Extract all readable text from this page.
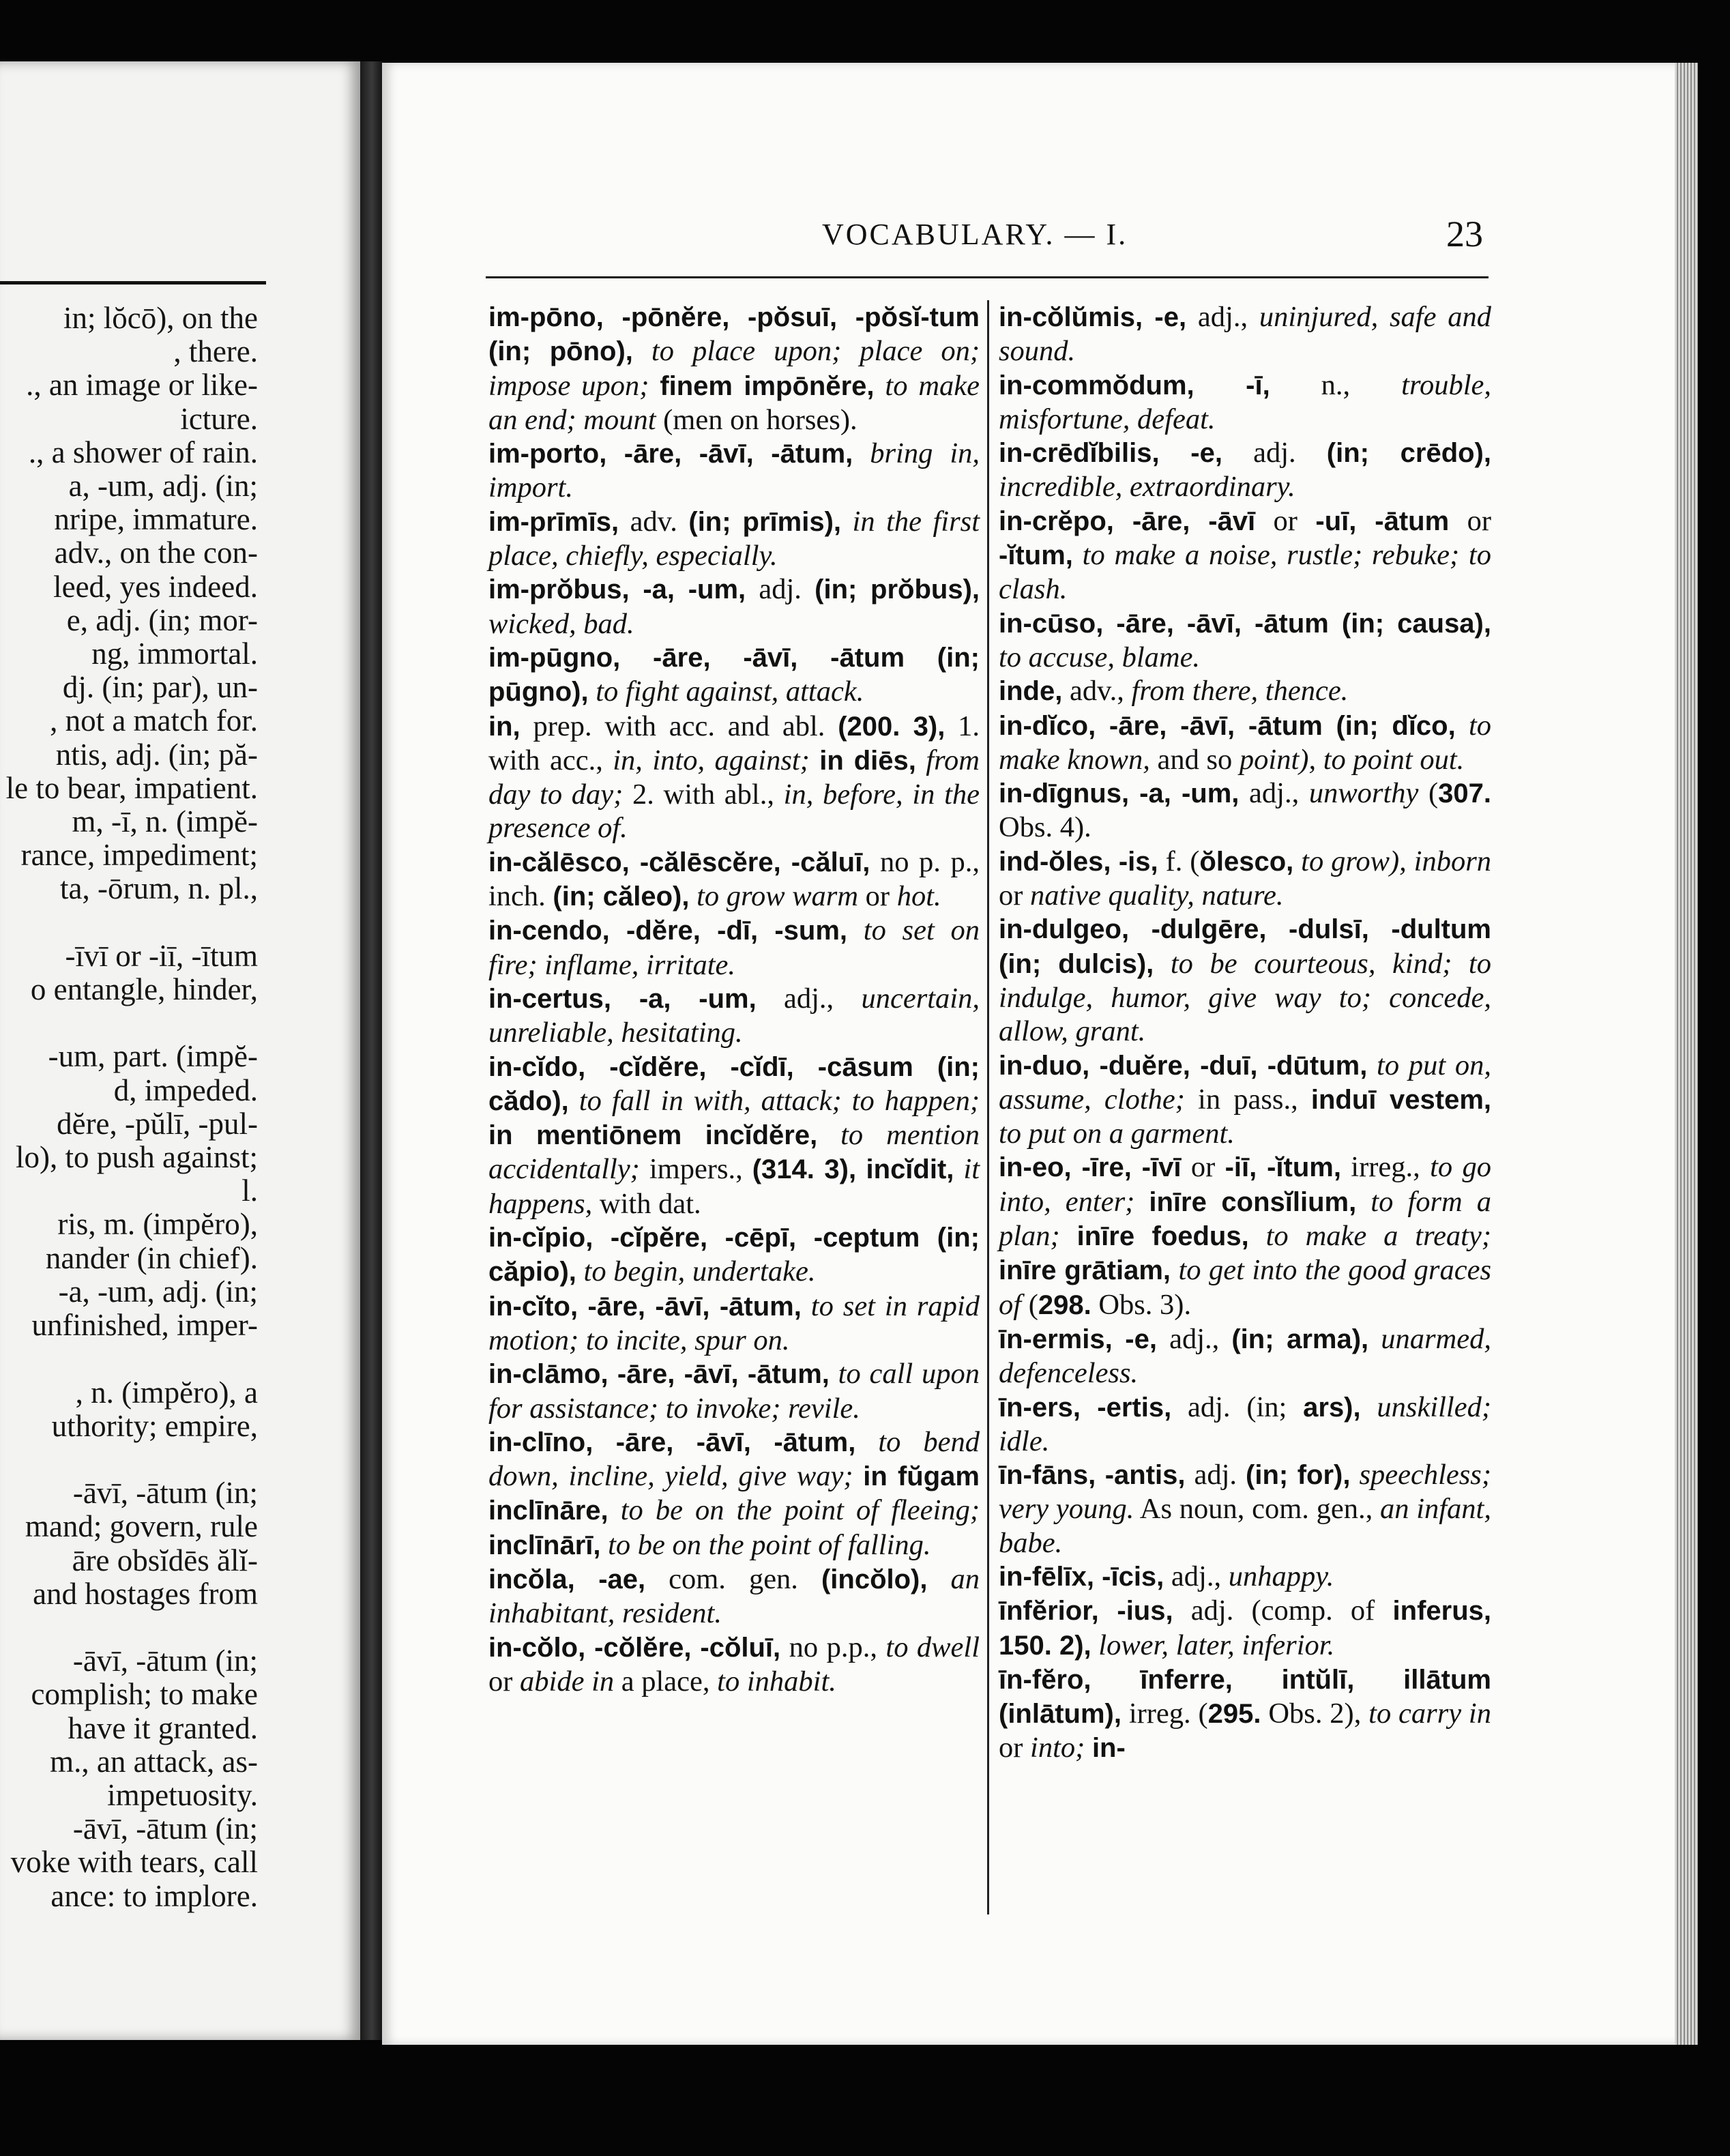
in; lŏcō), on the
, there.
., an image or like-
icture.
., a shower of rain.
a, -um, adj. (in;
nripe, immature.
adv., on the con-
leed, yes indeed.
e, adj. (in; mor-
ng, immortal.
dj. (in; par), un-
, not a match for.
ntis, adj. (in; pă-
le to bear, impatient.
m, -ī, n. (impĕ-
rance, impediment;
ta, -ōrum, n. pl.,

-īvī or -iī, -ītum
o entangle, hinder,

-um, part. (impĕ-
d, impeded.
dĕre, -pŭlī, -pul-
lo), to push against;
l.
ris, m. (impĕro),
nander (in chief).
-a, -um, adj. (in;
unfinished, imper-

, n. (impĕro), a
uthority; empire,

-āvī, -ātum (in;
mand; govern, rule
āre obsĭdēs ălĭ-
and hostages from

-āvī, -ātum (in;
complish; to make
have it granted.
m., an attack, as-
impetuosity.
-āvī, -ātum (in;
voke with tears, call
ance: to implore.
VOCABULARY. — I.	23

im-pōno, -pōnĕre, -pŏsuī, -pŏsĭ-tum (in; pōno), to place upon; place on; impose upon; finem impōnĕre, to make an end; mount (men on horses).

im-porto, -āre, -āvī, -ātum, bring in, import.

im-prīmīs, adv. (in; prīmis), in the first place, chiefly, especially.

im-prŏbus, -a, -um, adj. (in; prŏbus), wicked, bad.

im-pūgno, -āre, -āvī, -ātum (in; pūgno), to fight against, attack.

in, prep. with acc. and abl. (200. 3), 1. with acc., in, into, against; in diēs, from day to day; 2. with abl., in, before, in the presence of.

in-călēsco, -călēscĕre, -căluī, no p. p., inch. (in; căleo), to grow warm or hot.

in-cendo, -dĕre, -dī, -sum, to set on fire; inflame, irritate.

in-certus, -a, -um, adj., uncertain, unreliable, hesitating.

in-cĭdo, -cĭdĕre, -cĭdī, -cāsum (in; cădo), to fall in with, attack; to happen; in mentiōnem incĭdĕre, to mention accidentally; impers., (314. 3), incĭdit, it happens, with dat.

in-cĭpio, -cĭpĕre, -cēpī, -ceptum (in; căpio), to begin, undertake.

in-cĭto, -āre, -āvī, -ātum, to set in rapid motion; to incite, spur on.

in-clāmo, -āre, -āvī, -ātum, to call upon for assistance; to invoke; revile.

in-clīno, -āre, -āvī, -ātum, to bend down, incline, yield, give way; in fŭgam inclīnāre, to be on the point of fleeing; inclīnārī, to be on the point of falling.

incŏla, -ae, com. gen. (incŏlo), an inhabitant, resident.

in-cŏlo, -cŏlĕre, -cŏluī, no p.p., to dwell or abide in a place, to inhabit.

in-cŏlŭmis, -e, adj., uninjured, safe and sound.

in-commŏdum, -ī, n., trouble, misfortune, defeat.

in-crēdĭbilis, -e, adj. (in; crēdo), incredible, extraordinary.

in-crĕpo, -āre, -āvī or -uī, -ātum or -ĭtum, to make a noise, rustle; rebuke; to clash.

in-cūso, -āre, -āvī, -ātum (in; causa), to accuse, blame.

inde, adv., from there, thence.

in-dĭco, -āre, -āvī, -ātum (in; dĭco, to make known, and so point), to point out.

in-dīgnus, -a, -um, adj., unworthy (307. Obs. 4).

ind-ŏles, -is, f. (ŏlesco, to grow), inborn or native quality, nature.

in-dulgeo, -dulgēre, -dulsī, -dultum (in; dulcis), to be courteous, kind; to indulge, humor, give way to; concede, allow, grant.

in-duo, -duĕre, -duī, -dūtum, to put on, assume, clothe; in pass., induī vestem, to put on a garment.

in-eo, -īre, -īvī or -iī, -ĭtum, irreg., to go into, enter; inīre consĭlium, to form a plan; inīre foedus, to make a treaty; inīre grātiam, to get into the good graces of (298. Obs. 3).

īn-ermis, -e, adj., (in; arma), unarmed, defenceless.

īn-ers, -ertis, adj. (in; ars), unskilled; idle.

īn-fāns, -antis, adj. (in; for), speechless; very young. As noun, com. gen., an infant, babe.

in-fēlīx, -īcis, adj., unhappy.

īnfĕrior, -ius, adj. (comp. of inferus, 150. 2), lower, later, inferior.

īn-fĕro, īnferre, intŭlī, illātum (inlātum), irreg. (295. Obs. 2), to carry in or into; in-
